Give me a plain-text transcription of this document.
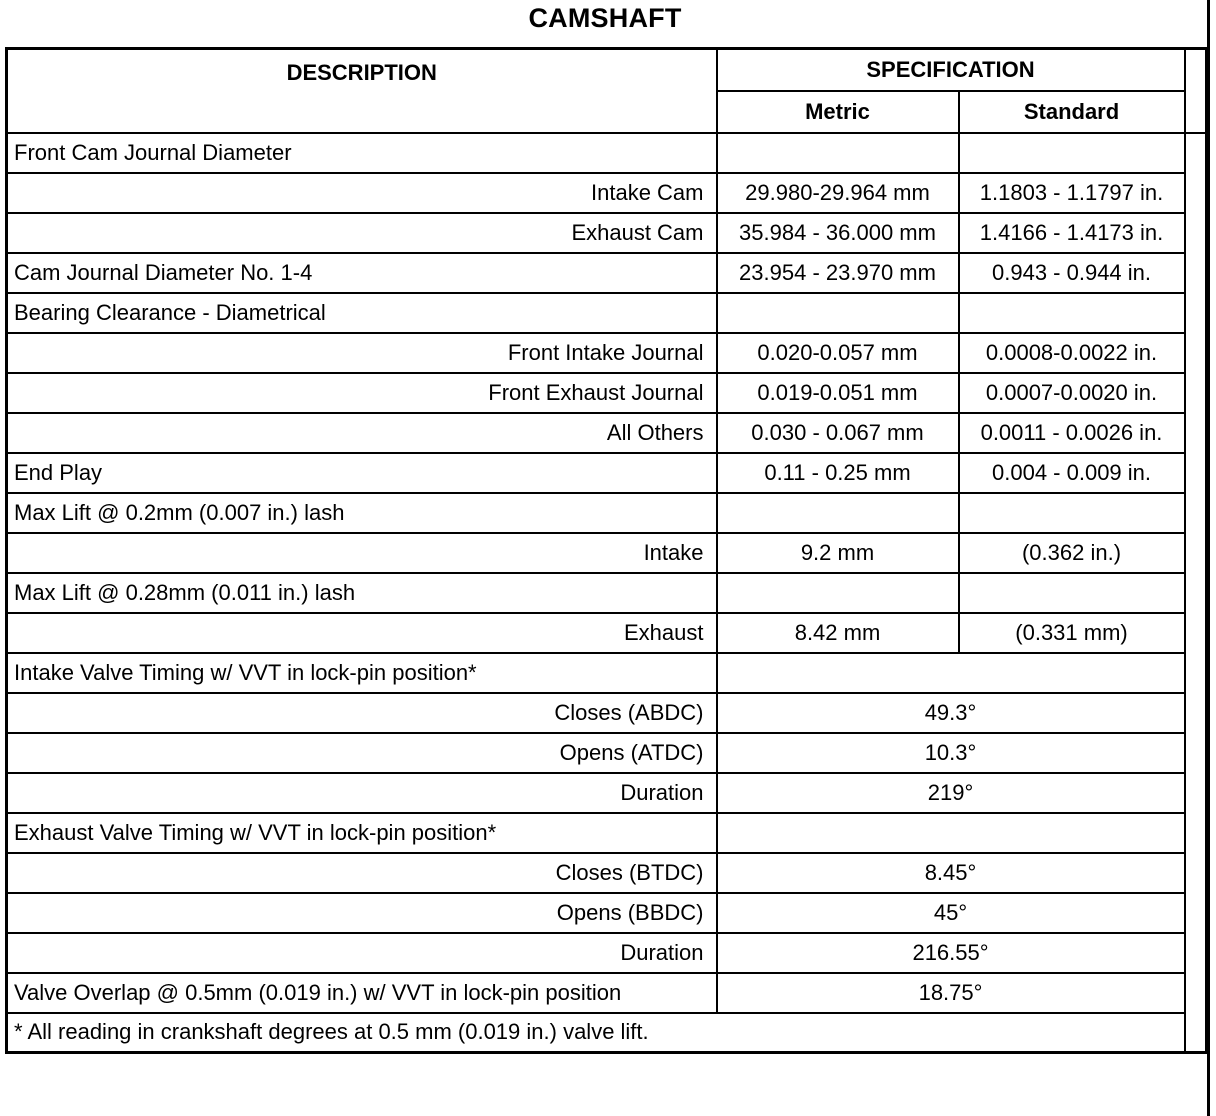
CAMSHAFT
DESCRIPTION	SPECIFICATION		
	Metric	Standard	
Front Cam Journal Diameter			
Intake Cam	29.980-29.964 mm	1.1803 - 1.1797 in.	
Exhaust Cam	35.984 - 36.000 mm	1.4166 - 1.4173 in.	
Cam Journal Diameter No. 1-4	23.954 - 23.970 mm	0.943 - 0.944 in.	
Bearing Clearance - Diametrical			
Front Intake Journal	0.020-0.057 mm	0.0008-0.0022 in.	
Front Exhaust Journal	0.019-0.051 mm	0.0007-0.0020 in.	
All Others	0.030 - 0.067 mm	0.0011 - 0.0026 in.	
End Play	0.11 - 0.25 mm	0.004 - 0.009 in.	
Max Lift @ 0.2mm (0.007 in.) lash			
Intake	9.2 mm	(0.362 in.)	
Max Lift @ 0.28mm (0.011 in.) lash			
Exhaust	8.42 mm	(0.331 mm)	
Intake Valve Timing w/ VVT in lock-pin position*			
Closes (ABDC)	49.3°		
Opens (ATDC)	10.3°		
Duration	219°		
Exhaust Valve Timing w/ VVT in lock-pin position*			
Closes (BTDC)	8.45°		
Opens (BBDC)	45°		
Duration	216.55°		
Valve Overlap @ 0.5mm (0.019 in.) w/ VVT in lock-pin position	18.75°		
* All reading in crankshaft degrees at 0.5 mm (0.019 in.) valve lift.			
